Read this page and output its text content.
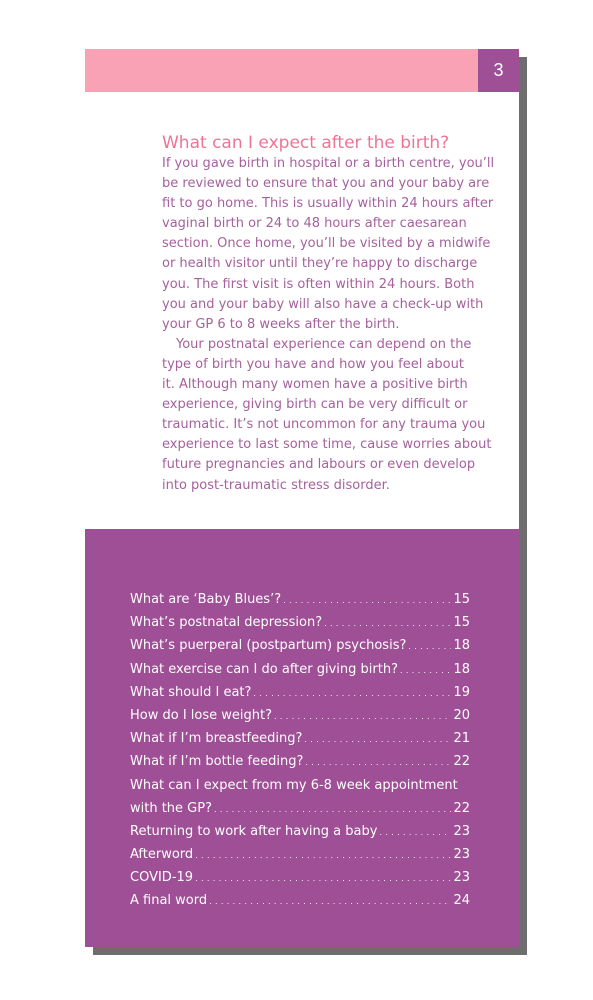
3
What can I expect after the birth?
If you gave birth in hospital or a birth centre, you’ll
be reviewed to ensure that you and your baby are
fit to go home. This is usually within 24 hours after
vaginal birth or 24 to 48 hours after caesarean
section. Once home, you’ll be visited by a midwife
or health visitor until they’re happy to discharge
you. The first visit is often within 24 hours. Both
you and your baby will also have a check-up with
your GP 6 to 8 weeks after the birth.
Your postnatal experience can depend on the
type of birth you have and how you feel about
it. Although many women have a positive birth
experience, giving birth can be very difficult or
traumatic. It’s not uncommon for any trauma you
experience to last some time, cause worries about
future pregnancies and labours or even develop
into post-traumatic stress disorder.
What are ‘Baby Blues’? . . .	15
What’s postnatal depression? . . .	15
What’s puerperal (postpartum) psychosis? . . .	18
What exercise can I do after giving birth? . . .	18
What should I eat? . . .	19
How do I lose weight? . . .	20
What if I’m breastfeeding? . . .	21
What if I’m bottle feeding? . . .	22
What can I expect from my 6-8 week appointment
with the GP? . . .	22
Returning to work after having a baby . . .	23
Afterword . . .	23
COVID-19 . . .	23
A final word . . .	24
